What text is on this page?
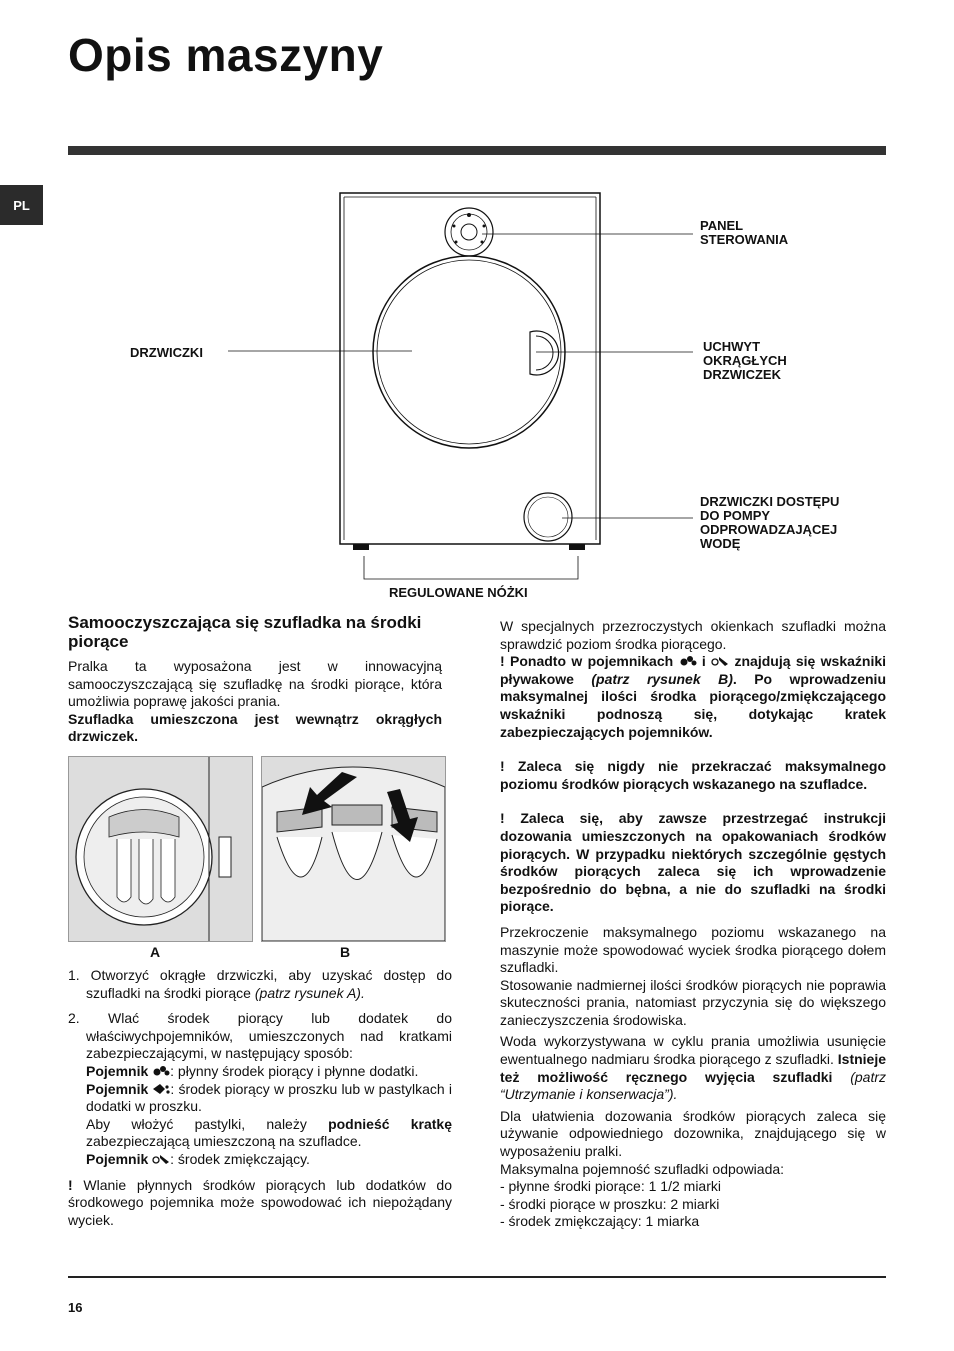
Opis maszyny
PL
PANEL
STEROWANIA
DRZWICZKI	UCHWYT
OKRĄGŁYCH
DRZWICZEK
DRZWICZKI DOSTĘPU
DO POMPY
ODPROWADZAJĄCEJ
WODĘ
REGULOWANE NÓŻKI
Samooczyszczająca się szufladka na środki piorące

Pralka ta wyposażona jest w innowacyjną samooczyszczającą się szufladkę na środki piorące, która umożliwia poprawę jakości prania.

Szufladka umieszczona jest wewnątrz okrągłych drzwiczek.

A	B

1. Otworzyć okrągłe drzwiczki, aby uzyskać dostęp do szufladki na środki piorące (patrz rysunek A).

2. Wlać środek piorący lub dodatek do właściwychpojemników, umieszczonych nad kratkami zabezpieczającymi, w następujący sposób:

Pojemnik : płynny środek piorący i płynne dodatki.

Pojemnik : środek piorący w proszku lub w pastylkach i dodatki w proszku.

Aby włożyć pastylki, należy podnieść kratkę zabezpieczającą umieszczoną na szufladce.

Pojemnik : środek zmiękczający.

! Wlanie płynnych środków piorących lub dodatków do środkowego pojemnika może spowodować ich niepożądany wyciek.

W specjalnych przezroczystych okienkach szufladki można sprawdzić poziom środka piorącego.

! Ponadto w pojemnikach i znajdują się wskaźniki pływakowe (patrz rysunek B). Po wprowadzeniu maksymalnej ilości środka piorącego/zmiękczającego wskaźniki podnoszą się, dotykając kratek zabezpieczających pojemników.

! Zaleca się nigdy nie przekraczać maksymalnego poziomu środków piorących wskazanego na szufladce.

! Zaleca się, aby zawsze przestrzegać instrukcji dozowania umieszczonych na opakowaniach środków piorących. W przypadku niektórych szczególnie gęstych środków piorących zaleca się ich wprowadzenie bezpośrednio do bębna, a nie do szufladki na środki piorące.

Przekroczenie maksymalnego poziomu wskazanego na maszynie może spowodować wyciek środka piorącego dołem szufladki.

Stosowanie nadmiernej ilości środków piorących nie poprawia skuteczności prania, natomiast przyczynia się do większego zanieczyszczenia środowiska.

Woda wykorzystywana w cyklu prania umożliwia usunięcie ewentualnego nadmiaru środka piorącego z szufladki. Istnieje też możliwość ręcznego wyjęcia szufladki (patrz “Utrzymanie i konserwacja”).

Dla ułatwienia dozowania środków piorących zaleca się używanie odpowiedniego dozownika, znajdującego się w wyposażeniu pralki.

Maksymalna pojemność szufladki odpowiada:

- płynne środki piorące: 1 1/2 miarki
- środki piorące w proszku: 2 miarki
- środek zmiękczający: 1 miarka
16
